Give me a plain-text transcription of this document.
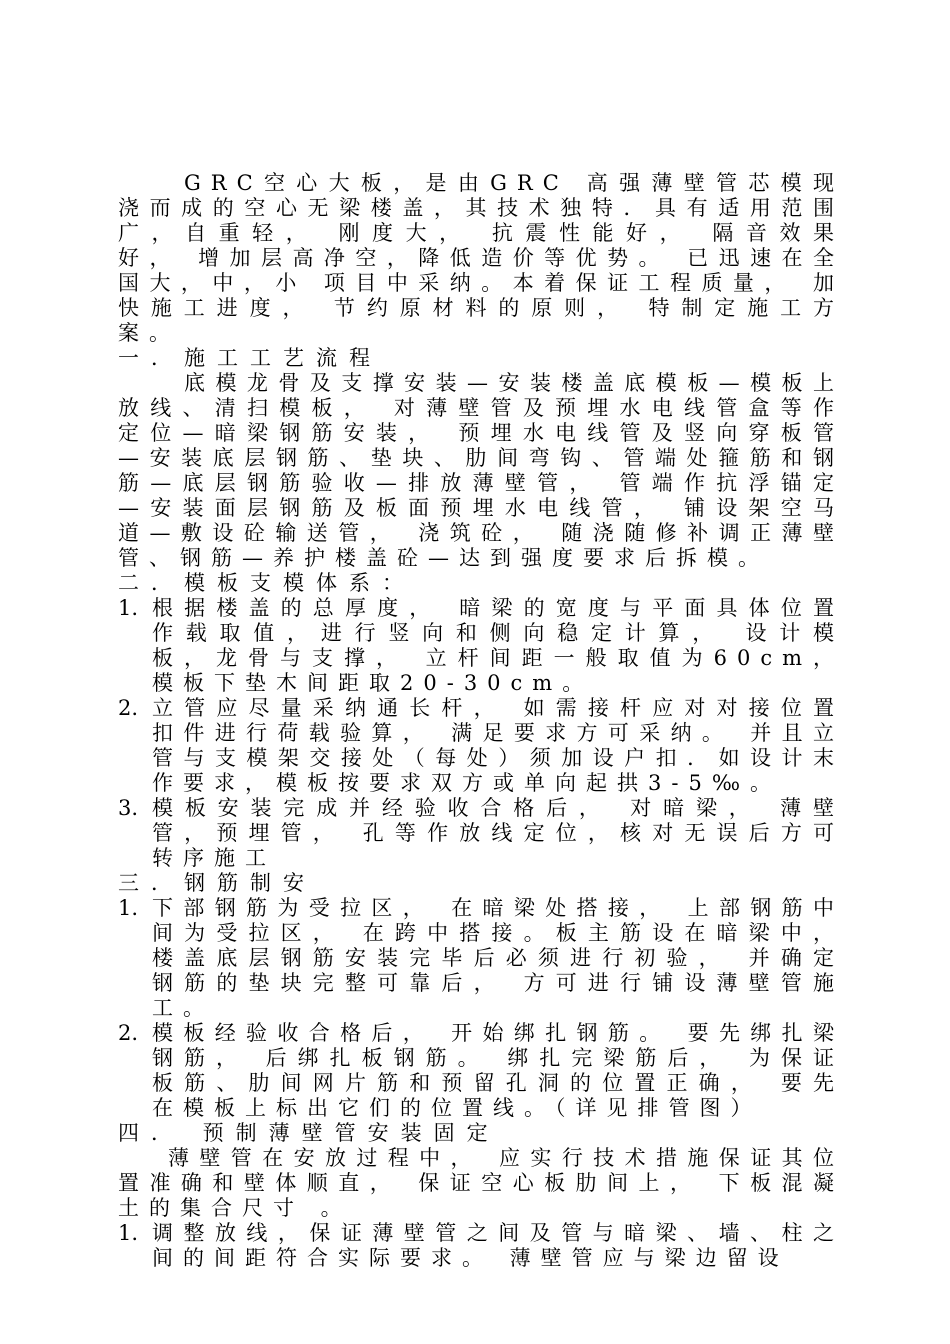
GRC空心大板，是由GRC 高强薄壁管芯模现浇而成的空心无梁楼盖，其技术独特．具有适用范围广，自重轻， 刚度大， 抗震性能好， 隔音效果好， 增加层高净空，降低造价等优势。 已迅速在全国大，中，小 项目中采纳。本着保证工程质量， 加快施工进度， 节约原材料的原则， 特制定施工方案。

一．施工工艺流程

底模龙骨及支撑安装—安装楼盖底模板—模板上放线、清扫模板， 对薄壁管及预埋水电线管盒等作定位—暗梁钢筋安装， 预埋水电线管及竖向穿板管—安装底层钢筋、垫块、肋间弯钩、管端处箍筋和钢筋—底层钢筋验收—排放薄壁管， 管端作抗浮锚定—安装面层钢筋及板面预埋水电线管， 铺设架空马道—敷设砼输送管， 浇筑砼， 随浇随修补调正薄壁管、钢筋—养护楼盖砼—达到强度要求后拆模。

二．模板支模体系：

1. 根据楼盖的总厚度， 暗梁的宽度与平面具体位置作载取值，进行竖向和侧向稳定计算， 设计模板，龙骨与支撑， 立杆间距一般取值为60cm， 模板下垫木间距取20-30cm。

2. 立管应尽量采纳通长杆， 如需接杆应对对接位置扣件进行荷载验算， 满足要求方可采纳。 并且立管与支模架交接处（每处）须加设户扣．如设计末作要求，模板按要求双方或单向起拱3-5‰。

3. 模板安装完成并经验收合格后， 对暗梁， 薄壁管，预埋管， 孔等作放线定位，核对无误后方可转序施工

三．钢筋制安

1. 下部钢筋为受拉区， 在暗梁处搭接， 上部钢筋中间为受拉区， 在跨中搭接。板主筋设在暗梁中， 楼盖底层钢筋安装完毕后必须进行初验， 并确定钢筋的垫块完整可靠后， 方可进行铺设薄壁管施工。

2. 模板经验收合格后， 开始绑扎钢筋。 要先绑扎梁钢筋， 后绑扎板钢筋。 绑扎完梁筋后， 为保证板筋、肋间网片筋和预留孔洞的位置正确， 要先在模板上标出它们的位置线。（详见排管图）

四． 预制薄壁管安装固定

薄壁管在安放过程中， 应实行技术措施保证其位置准确和壁体顺直， 保证空心板肋间上， 下板混凝土的集合尺寸 。

1. 调整放线，保证薄壁管之间及管与暗梁、墙、柱之间的间距符合实际要求。 薄壁管应与梁边留设
